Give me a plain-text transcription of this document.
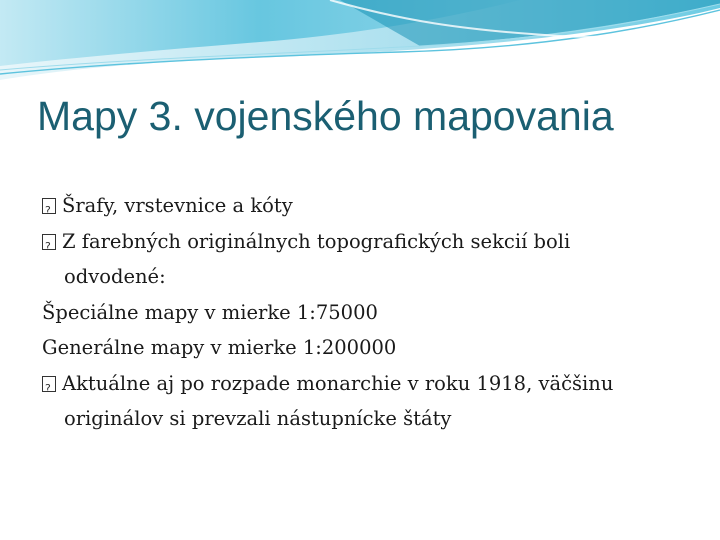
Mapy 3. vojenského mapovania
?Šrafy, vrstevnice a kóty
?Z farebných originálnych topografických sekcií boli
odvodené:
Špeciálne mapy v mierke 1:75000
Generálne mapy v mierke 1:200000
?Aktuálne aj po rozpade monarchie v roku 1918, väčšinu
originálov si prevzali nástupnícke štáty
